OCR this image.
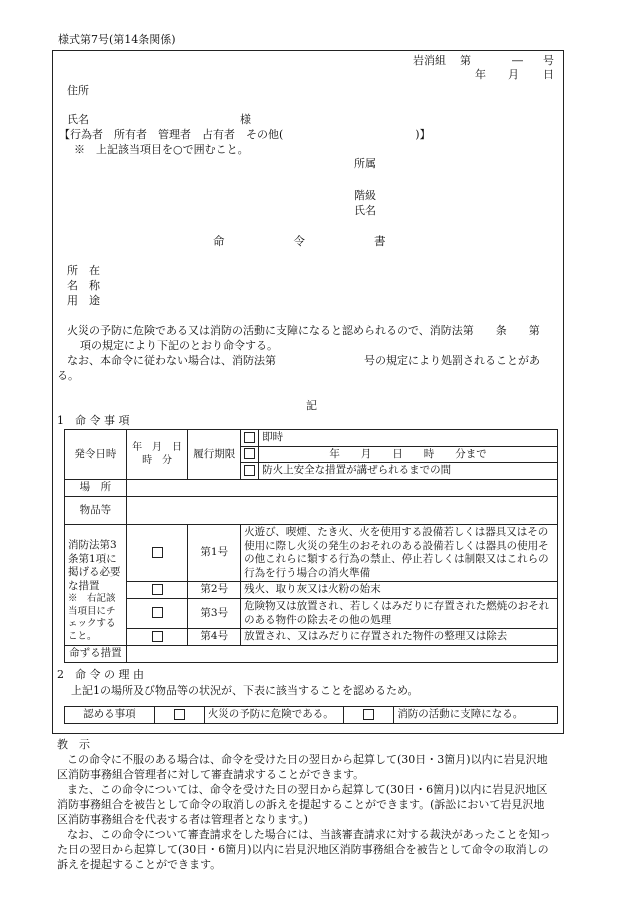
様式第7号(第14条関係)
岩消組 第	― 号
年 月 日
住所
氏名	様
【行為者　所有者　管理者　占有者　その他(　　　　　　　　　　　　)】
※　上記該当項目を○で囲むこと。
所属
階級
氏名
命　　　　　　令　　　　　　書
所　在
名　称
用　途
火災の予防に危険である又は消防の活動に支障になると認められるので、消防法第　　条　　第
項の規定により下記のとおり命令する。
なお、本命令に従わない場合は、消防法第　　　　　　　　号の規定により処罰されることがあ
る。
記
1　命 令 事 項
発令日時	年　月　日　時　分	履行期限		即時
				年　　月　　日　　時　　分まで
				防火上安全な措置が講ぜられるまでの間
場　所				
物品等				

消防法第3条第1項に掲げる必要な措置
※　右記該当項目にチェックすること。		第1号	火遊び、喫煙、たき火、火を使用する設備若しくは器具又はその使用に際し火災の発生のおそれのある設備若しくは器具の使用その他これらに類する行為の禁止、停止若しくは制限又はこれらの行為を行う場合の消火準備	
		第2号	残火、取り灰又は火粉の始末	
		第3号	危険物又は放置され、若しくはみだりに存置された燃焼のおそれのある物件の除去その他の処理	
		第4号	放置され、又はみだりに存置された物件の整理又は除去	
命ずる措置				
2　命 令 の 理 由
上記1の場所及び物品等の状況が、下表に該当することを認めるため。
認める事項		火災の予防に危険である。		消防の活動に支障になる。
教　示
この命令に不服のある場合は、命令を受けた日の翌日から起算して(30日・3箇月)以内に岩見沢地
区消防事務組合管理者に対して審査請求することができます。
また、この命令については、命令を受けた日の翌日から起算して(30日・6箇月)以内に岩見沢地区
消防事務組合を被告として命令の取消しの訴えを提起することができます。(訴訟において岩見沢地
区消防事務組合を代表する者は管理者となります。)
なお、この命令について審査請求をした場合には、当該審査請求に対する裁決があったことを知っ
た日の翌日から起算して(30日・6箇月)以内に岩見沢地区消防事務組合を被告として命令の取消しの
訴えを提起することができます。
